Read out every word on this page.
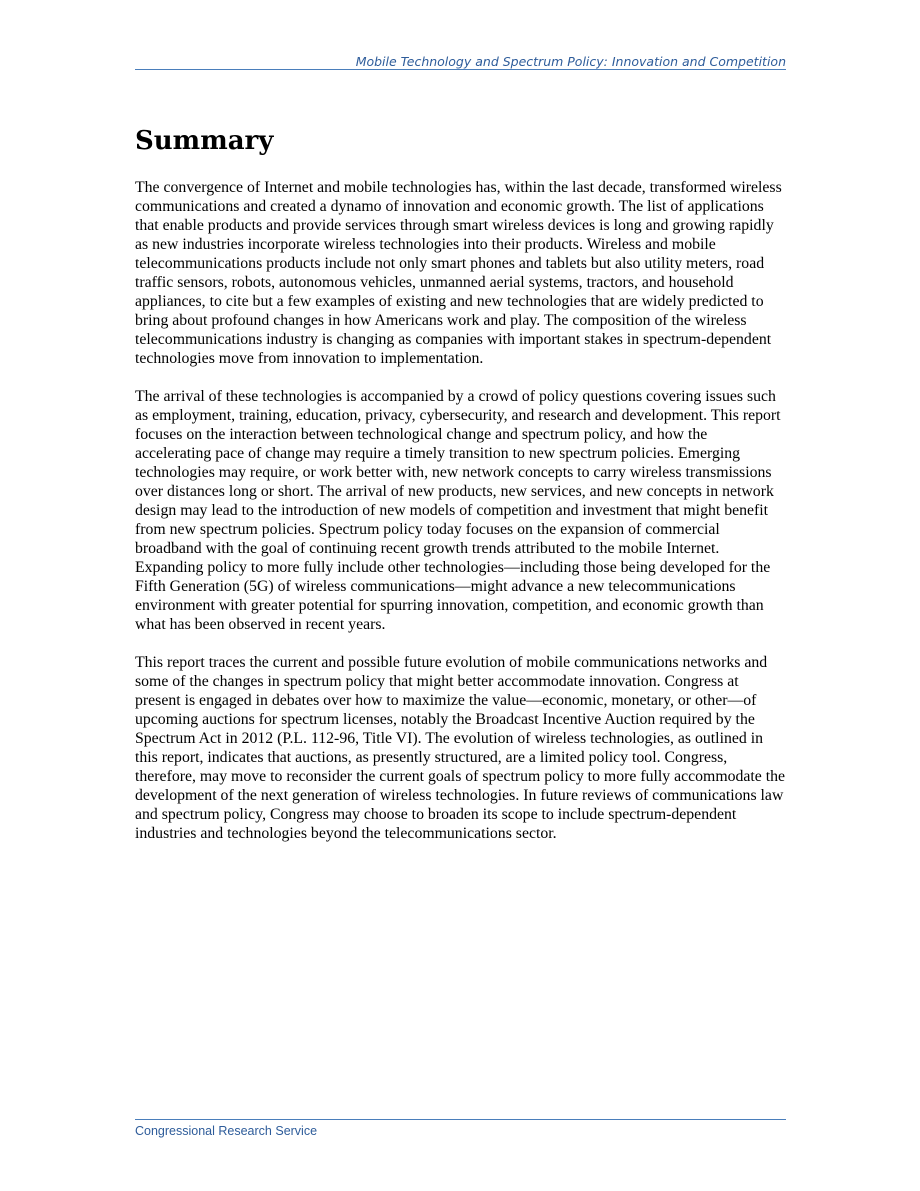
Mobile Technology and Spectrum Policy: Innovation and Competition
Summary

The convergence of Internet and mobile technologies has, within the last decade, transformed wireless communications and created a dynamo of innovation and economic growth. The list of applications that enable products and provide services through smart wireless devices is long and growing rapidly as new industries incorporate wireless technologies into their products. Wireless and mobile telecommunications products include not only smart phones and tablets but also utility meters, road traffic sensors, robots, autonomous vehicles, unmanned aerial systems, tractors, and household appliances, to cite but a few examples of existing and new technologies that are widely predicted to bring about profound changes in how Americans work and play. The composition of the wireless telecommunications industry is changing as companies with important stakes in spectrum-dependent technologies move from innovation to implementation.

The arrival of these technologies is accompanied by a crowd of policy questions covering issues such as employment, training, education, privacy, cybersecurity, and research and development. This report focuses on the interaction between technological change and spectrum policy, and how the accelerating pace of change may require a timely transition to new spectrum policies. Emerging technologies may require, or work better with, new network concepts to carry wireless transmissions over distances long or short. The arrival of new products, new services, and new concepts in network design may lead to the introduction of new models of competition and investment that might benefit from new spectrum policies. Spectrum policy today focuses on the expansion of commercial broadband with the goal of continuing recent growth trends attributed to the mobile Internet. Expanding policy to more fully include other technologies—including those being developed for the Fifth Generation (5G) of wireless communications—might advance a new telecommunications environment with greater potential for spurring innovation, competition, and economic growth than what has been observed in recent years.

This report traces the current and possible future evolution of mobile communications networks and some of the changes in spectrum policy that might better accommodate innovation. Congress at present is engaged in debates over how to maximize the value—economic, monetary, or other—of upcoming auctions for spectrum licenses, notably the Broadcast Incentive Auction required by the Spectrum Act in 2012 (P.L. 112-96, Title VI). The evolution of wireless technologies, as outlined in this report, indicates that auctions, as presently structured, are a limited policy tool. Congress, therefore, may move to reconsider the current goals of spectrum policy to more fully accommodate the development of the next generation of wireless technologies. In future reviews of communications law and spectrum policy, Congress may choose to broaden its scope to include spectrum-dependent industries and technologies beyond the telecommunications sector.

Congressional Research Service
